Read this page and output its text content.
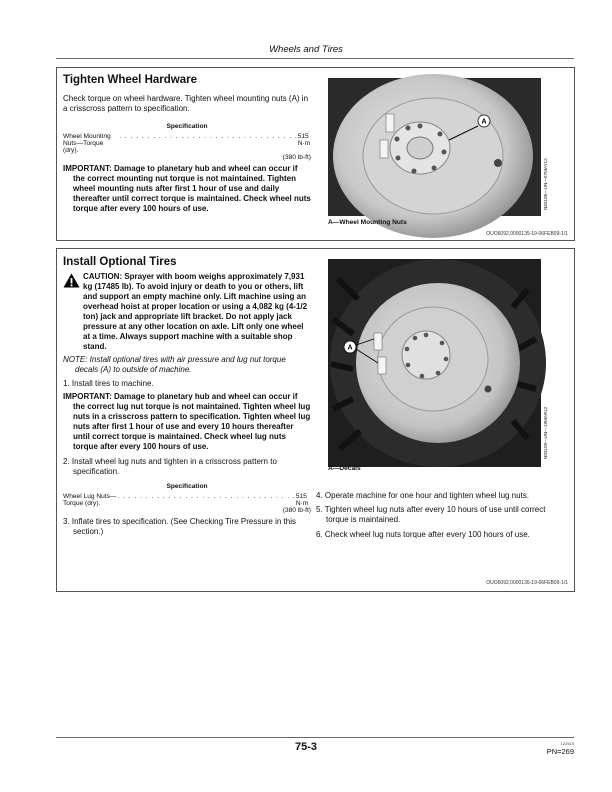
Wheels and Tires
Tighten Wheel Hardware

Check torque on wheel hardware. Tighten wheel mounting nuts (A) in a crisscross pattern to specification.

Specification
Wheel Mounting Nuts—Torque (dry).
. . . . . . . . . . . . . . . . . . . . . . . . . . . . . . . . 515 N·m
(380 lb-ft)

IMPORTANT: Damage to planetary hub and wheel can occur if the correct mounting nut torque is not maintained. Tighten wheel mounting nuts after first 1 hour of use and daily thereafter until correct torque is maintained. Check wheel nuts torque after every 100 hours of use.

A
N83108—UN—07MAY12
A—Wheel Mounting Nuts
OUO6092,0000135-19-06FEB09-1/1
Install Optional Tires

CAUTION: Sprayer with boom weighs approximately 7,931 kg (17485 lb). To avoid injury or death to you or others, lift and support an empty machine only. Lift machine using an overhead hoist at proper location or using a 4,082 kg (4-1/2 ton) jack and appropriate lift bracket. Do not apply jack pressure at any other location on axle. Lift only one wheel at a time. Always support machine with a suitable shop stand.

NOTE: Install optional tires with air pressure and lug nut torque decals (A) to outside of machine.

1. Install tires to machine.

IMPORTANT: Damage to planetary hub and wheel can occur if the correct lug nut torque is not maintained. Tighten wheel lug nuts in a crisscross pattern to specification. Tighten wheel lug nuts after first 1 hour of use and every 10 hours thereafter until correct torque is maintained. Check wheel lug nuts torque after every 100 hours of use.

2. Install wheel lug nuts and tighten in a crisscross pattern to specification.

Specification
Wheel Lug Nuts—Torque (dry).
. . . . . . . . . . . . . . . . . . . . . . . . . . . . . . . . 515 N·m
(380 lb-ft)

3. Inflate tires to specification. (See Checking Tire Pressure in this section.)

A
N83109—UN—19MAR12
A—Decals

4. Operate machine for one hour and tighten wheel lug nuts.

5. Tighten wheel lug nuts after every 10 hours of use until correct torque is maintained.

6. Check wheel lug nuts torque after every 100 hours of use.

OUO6092,0000136-19-06FEB09-1/1
75-3	122515
PN=269
